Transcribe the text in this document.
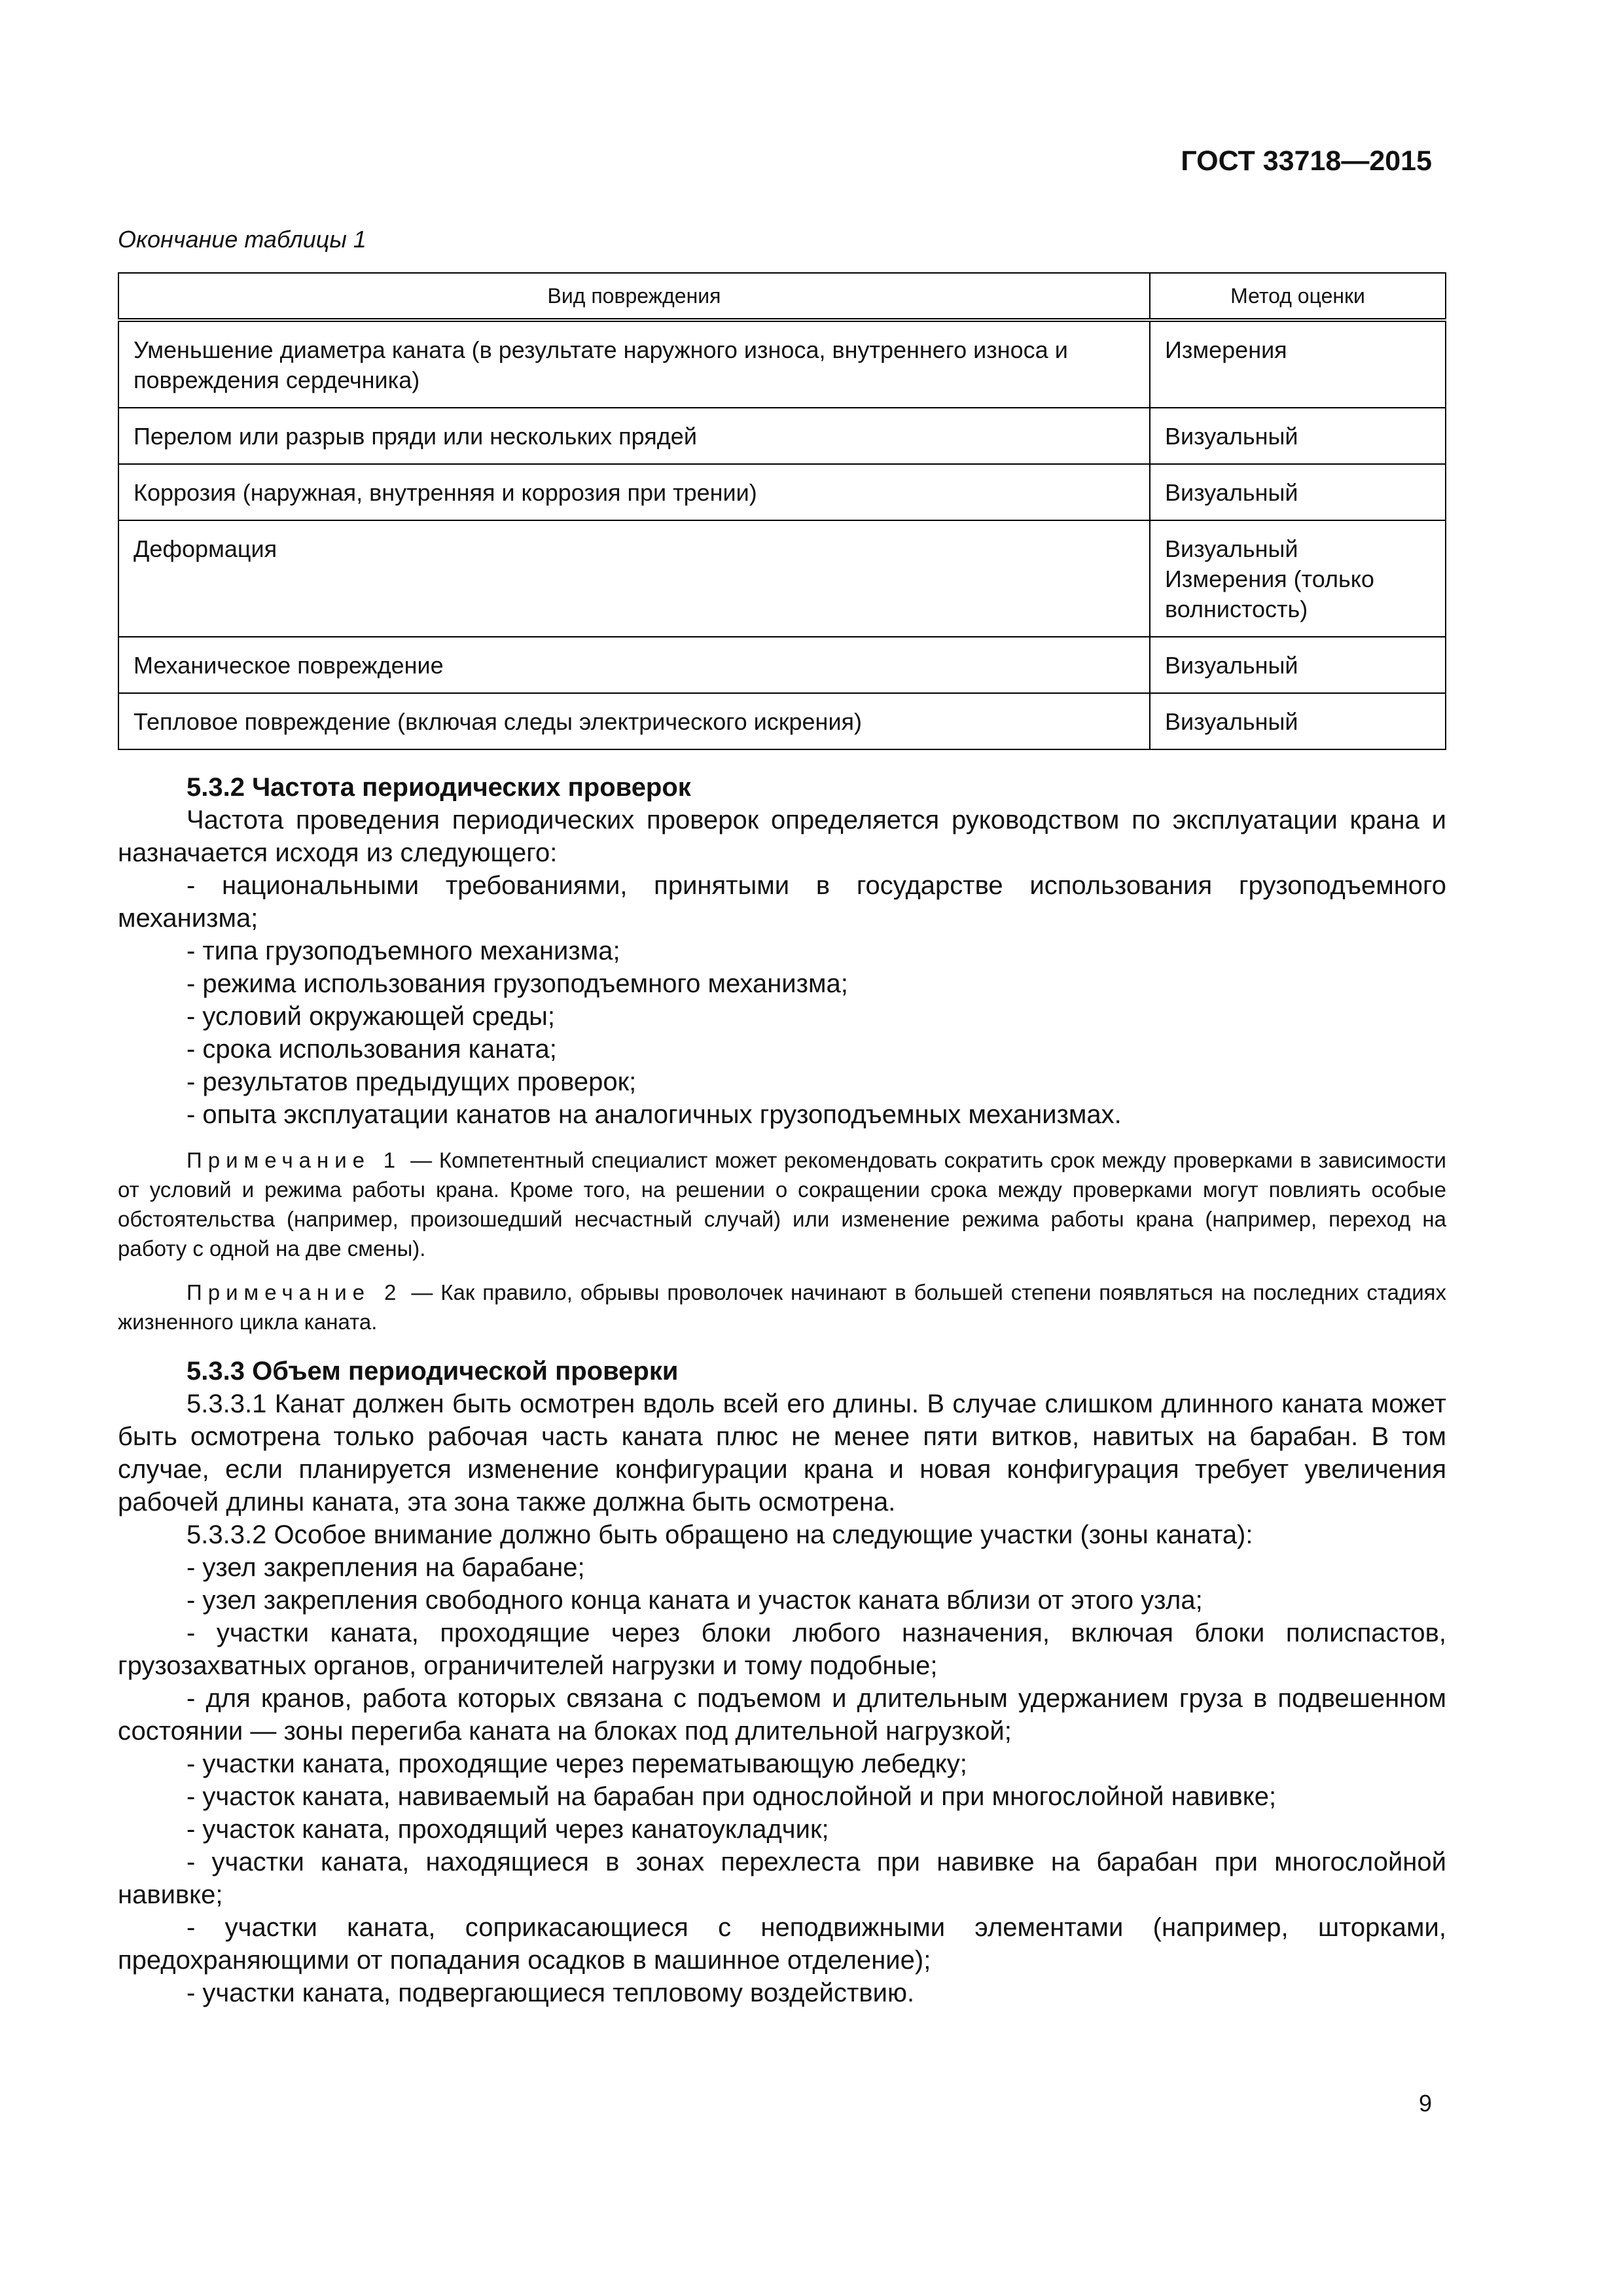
ГОСТ 33718—2015
Окончание таблицы 1
Вид повреждения	Метод оценки
Уменьшение диаметра каната (в результате наружного износа, внутреннего износа и повреждения сердечника)	Измерения

Перелом или разрыв пряди или нескольких прядей	Визуальный

Коррозия (наружная, внутренняя и коррозия при трении)	Визуальный

Деформация	Визуальный
Измерения (только волнистость)

Механическое повреждение	Визуальный

Тепловое повреждение (включая следы электрического искрения)	Визуальный

5.3.2 Частота периодических проверок

Частота проведения периодических проверок определяется руководством по эксплуатации крана и назначается исходя из следующего:

- национальными требованиями, принятыми в государстве использования грузоподъемного механизма;

- типа грузоподъемного механизма;

- режима использования грузоподъемного механизма;

- условий окружающей среды;

- срока использования каната;

- результатов предыдущих проверок;

- опыта эксплуатации канатов на аналогичных грузоподъемных механизмах.

Примечание 1 — Компетентный специалист может рекомендовать сократить срок между проверками в зависимости от условий и режима работы крана. Кроме того, на решении о сокращении срока между проверками могут повлиять особые обстоятельства (например, произошедший несчастный случай) или изменение режима работы крана (например, переход на работу с одной на две смены).

Примечание 2 — Как правило, обрывы проволочек начинают в большей степени появляться на последних стадиях жизненного цикла каната.

5.3.3 Объем периодической проверки

5.3.3.1 Канат должен быть осмотрен вдоль всей его длины. В случае слишком длинного каната может быть осмотрена только рабочая часть каната плюс не менее пяти витков, навитых на барабан. В том случае, если планируется изменение конфигурации крана и новая конфигурация требует увеличения рабочей длины каната, эта зона также должна быть осмотрена.

5.3.3.2 Особое внимание должно быть обращено на следующие участки (зоны каната):

- узел закрепления на барабане;

- узел закрепления свободного конца каната и участок каната вблизи от этого узла;

- участки каната, проходящие через блоки любого назначения, включая блоки полиспастов, грузозахватных органов, ограничителей нагрузки и тому подобные;

- для кранов, работа которых связана с подъемом и длительным удержанием груза в подвешенном состоянии — зоны перегиба каната на блоках под длительной нагрузкой;

- участки каната, проходящие через перематывающую лебедку;

- участок каната, навиваемый на барабан при однослойной и при многослойной навивке;

- участок каната, проходящий через канатоукладчик;

- участки каната, находящиеся в зонах перехлеста при навивке на барабан при многослойной навивке;

- участки каната, соприкасающиеся с неподвижными элементами (например, шторками, предохраняющими от попадания осадков в машинное отделение);

- участки каната, подвергающиеся тепловому воздействию.

9
